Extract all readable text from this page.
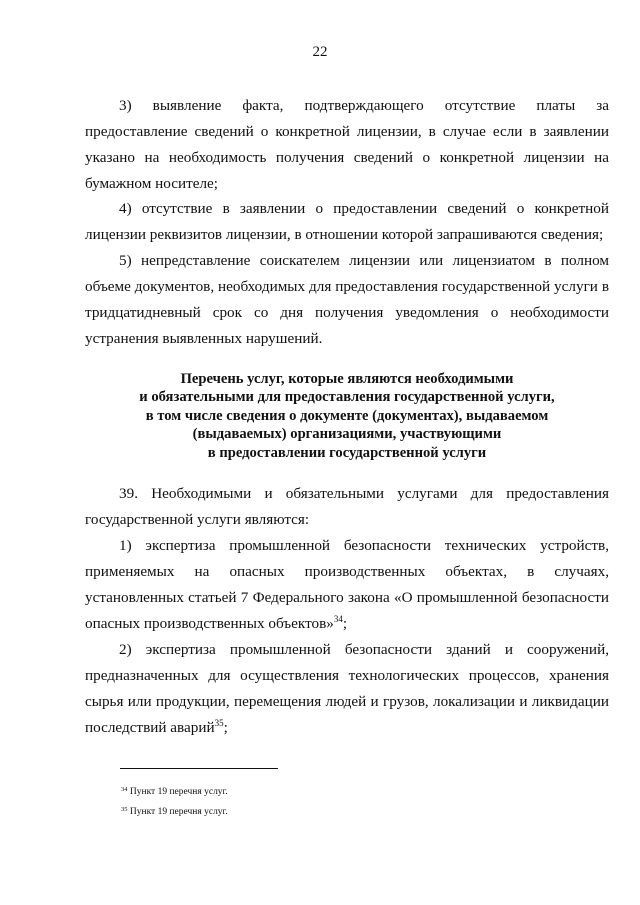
22

3) выявление факта, подтверждающего отсутствие платы за предоставление сведений о конкретной лицензии, в случае если в заявлении указано на необходимость получения сведений о конкретной лицензии на бумажном носителе;

4) отсутствие в заявлении о предоставлении сведений о конкретной лицензии реквизитов лицензии, в отношении которой запрашиваются сведения;

5) непредставление соискателем лицензии или лицензиатом в полном объеме документов, необходимых для предоставления государственной услуги в тридцатидневный срок со дня получения уведомления о необходимости устранения выявленных нарушений.

Перечень услуг, которые являются необходимыми
и обязательными для предоставления государственной услуги,
в том числе сведения о документе (документах), выдаваемом
(выдаваемых) организациями, участвующими
в предоставлении государственной услуги

39. Необходимыми и обязательными услугами для предоставления государственной услуги являются:

1) экспертиза промышленной безопасности технических устройств, применяемых на опасных производственных объектах, в случаях, установленных статьей 7 Федерального закона «О промышленной безопасности опасных производственных объектов»$^{34}$;

2) экспертиза промышленной безопасности зданий и сооружений, предназначенных для осуществления технологических процессов, хранения сырья или продукции, перемещения людей и грузов, локализации и ликвидации последствий аварий$^{35}$;

$^{34}$ Пункт 19 перечня услуг.
$^{35}$ Пункт 19 перечня услуг.
